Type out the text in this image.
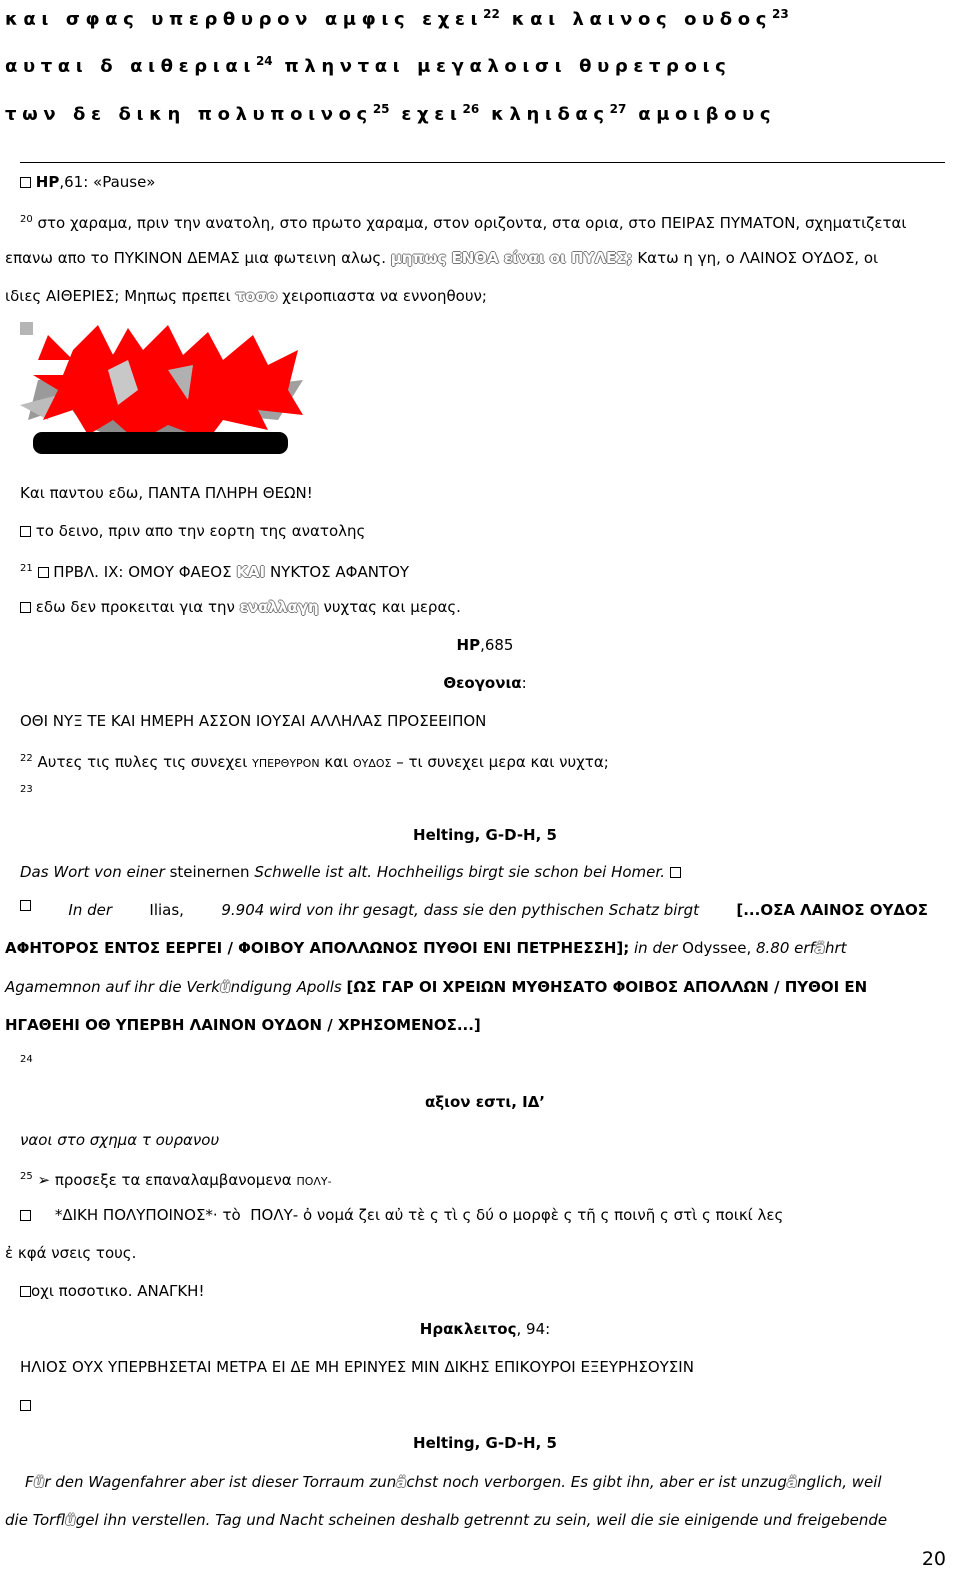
και σφας υπερθυρον αμφις εχει$^{22}$ και λαινος ουδος$^{23}$
αυται δ αιθεριαι$^{24}$ πληνται μεγαλοισι θυρετροις
των δε δικη πολυποινος$^{25}$ εχει$^{26}$ κληιδας$^{27}$ αμοιβους
HP,61: «Pause»
$^{20}$ στο χαραμα, πριν την ανατολη, στο πρωτο χαραμα, στον οριζοντα, στα ορια, στο ΠΕΙΡΑΣ ΠΥΜΑΤΟΝ, σχηματιζεται
επανω απο το ΠΥΚΙΝΟΝ ΔΕΜΑΣ μια φωτεινη αλως. μηπως ΕΝΘΑ είναι οι ΠΥΛΕΣ; Κατω η γη, ο ΛΑΙΝΟΣ ΟΥΔΟΣ, οι
ιδιες ΑΙΘΕΡΙΕΣ; Μηπως πρεπει τοσο χειροπιαστα να εννοηθουν;
Και παντου εδω, ΠΑΝΤΑ ΠΛΗΡΗ ΘΕΩΝ!
το δεινο, πριν απο την εορτη της ανατολης
$^{21}$ ΠΡΒΛ. IX: ΟΜΟΥ ΦΑΕΟΣ ΚΑΙ ΝΥΚΤΟΣ ΑΦΑΝΤΟΥ
εδω δεν προκειται για την εναλλαγη νυχτας και μερας.
HP,685
Θεογονια:
ΟΘΙ ΝΥΞ ΤΕ ΚΑΙ ΗΜΕΡΗ ΑΣΣΟΝ ΙΟΥΣΑΙ ΑΛΛΗΛΑΣ ΠΡΟΣΕΕΙΠΟΝ
$^{22}$ Αυτες τις πυλες τις συνεχει ΥΠΕΡΘΥΡΟΝ και ΟΥΔΟΣ – τι συνεχει μερα και νυχτα;
$^{23}$
Helting, G-D-H, 5
Das Wort von einer steinernen Schwelle ist alt. Hochheiligs birgt sie schon bei Homer.
In der Ilias, 9.904 wird von ihr gesagt, dass sie den pythischen Schatz birgt [...ΟΣΑ ΛΑΙΝΟΣ ΟΥΔΟΣ
ΑΦΗΤΟΡΟΣ ΕΝΤΟΣ ΕΕΡΓΕΙ / ΦΟΙΒΟΥ ΑΠΟΛΛΩΝΟΣ ΠΥΘΟΙ ΕΝΙ ΠΕΤΡΗΕΣΣΗ]; in der Odyssee, 8.80 erfährt
Agamemnon auf ihr die Verkündigung Apolls [ΩΣ ΓΑΡ ΟΙ ΧΡΕΙΩΝ ΜΥΘΗΣΑΤΟ ΦΟΙΒΟΣ ΑΠΟΛΛΩΝ / ΠΥΘΟΙ ΕΝ
ΗΓΑΘΕΗΙ ΟΘ ΥΠΕΡΒΗ ΛΑΙΝΟΝ ΟΥΔΟΝ / ΧΡΗΣΟΜΕΝΟΣ...]
$^{24}$
αξιον εστι, ΙΔ’
ναοι στο σχημα τ ουρανου
$^{25}$ ➢ προσεξε τα επαναλαμβανομενα ΠΟΛΥ-
*ΔΙΚΗ ΠΟΛΥΠΟΙΝΟΣ*· τὸ ΠΟΛΥ- ὀ νομά ζει αὐ τὲ ς τὶ ς δύ ο μορφὲ ς τῆ ς ποινῆ ς στὶ ς ποικί λες
ἐ κφά νσεις τους.
οχι ποσοτικο. ΑΝΑΓΚΗ!
Ηρακλειτος, 94:
ΗΛΙΟΣ ΟΥΧ ΥΠΕΡΒΗΣΕΤΑΙ ΜΕΤΡΑ ΕΙ ΔΕ ΜΗ ΕΡΙΝΥΕΣ ΜΙΝ ΔΙΚΗΣ ΕΠΙΚΟΥΡΟΙ ΕΞΕΥΡΗΣΟΥΣΙΝ
Helting, G-D-H, 5
Für den Wagenfahrer aber ist dieser Torraum zunächst noch verborgen. Es gibt ihn, aber er ist unzugänglich, weil
die Torflügel ihn verstellen. Tag und Nacht scheinen deshalb getrennt zu sein, weil die sie einigende und freigebende
20
